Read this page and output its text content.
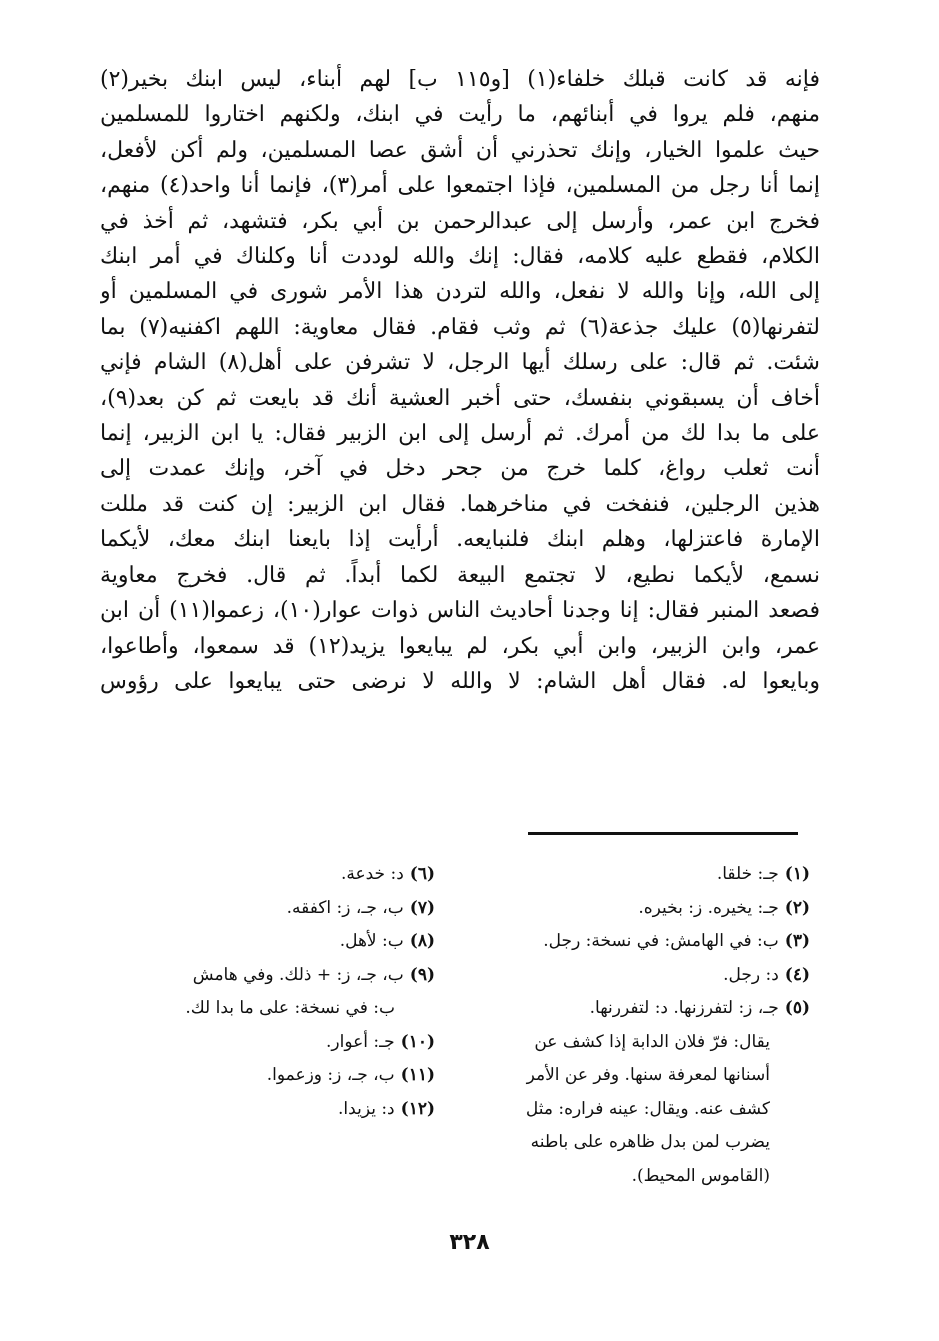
فإنه قد كانت قبلك خلفاء(١) [و١١٥ ب] لهم أبناء، ليس ابنك بخير(٢)
منهم، فلم يروا في أبنائهم، ما رأيت في ابنك، ولكنهم اختاروا للمسلمين
حيث علموا الخيار، وإنك تحذرني أن أشق عصا المسلمين، ولم أكن لأفعل،
إنما أنا رجل من المسلمين، فإذا اجتمعوا على أمر(٣)، فإنما أنا واحد(٤) منهم،
فخرج ابن عمر، وأرسل إلى عبدالرحمن بن أبي بكر، فتشهد، ثم أخذ في
الكلام، فقطع عليه كلامه، فقال: إنك والله لوددت أنا وكلناك في أمر ابنك
إلى الله، وإنا والله لا نفعل، والله لتردن هذا الأمر شورى في المسلمين أو
لتفرنها(٥) عليك جذعة(٦) ثم وثب فقام. فقال معاوية: اللهم اكفنيه(٧) بما
شئت. ثم قال: على رسلك أيها الرجل، لا تشرفن على أهل(٨) الشام فإني
أخاف أن يسبقوني بنفسك، حتى أخبر العشية أنك قد بايعت ثم كن بعد(٩)،
على ما بدا لك من أمرك. ثم أرسل إلى ابن الزبير فقال: يا ابن الزبير، إنما
أنت ثعلب رواغ، كلما خرج من جحر دخل في آخر، وإنك عمدت إلى
هذين الرجلين، فنفخت في مناخرهما. فقال ابن الزبير: إن كنت قد مللت
الإمارة فاعتزلها، وهلم ابنك فلنبايعه. أرأيت إذا بايعنا ابنك معك، لأيكما
نسمع، لأيكما نطيع، لا تجتمع البيعة لكما أبداً. ثم قال. فخرج معاوية
فصعد المنبر فقال: إنا وجدنا أحاديث الناس ذوات عوار(١٠)، زعموا(١١) أن ابن
عمر، وابن الزبير، وابن أبي بكر، لم يبايعوا يزيد(١٢) قد سمعوا، وأطاعوا،
وبايعوا له. فقال أهل الشام: لا والله لا نرضى حتى يبايعوا على رؤوس
(١)جـ: خلقا.
(٢)جـ: يخيره. ز: بخيره.
(٣)ب: في الهامش: في نسخة: رجل.
(٤)د: رجل.
(٥)جـ، ز: لتفرزنها. د: لتفررنها.
يقال: فرّ فلان الدابة إذا كشف عن
أسنانها لمعرفة سنها. وفر عن الأمر
كشف عنه. ويقال: عينه فراره: مثل
يضرب لمن بدل ظاهره على باطنه
(القاموس المحيط).
(٦)د: خدعة.
(٧)ب، جـ، ز: اكفقه.
(٨)ب: لأهل.
(٩)ب، جـ، ز: + ذلك. وفي هامش
ب: في نسخة: على ما بدا لك.
(١٠)جـ: أعوار.
(١١)ب، جـ، ز: وزعموا.
(١٢)د: يزيدا.
٣٢٨
